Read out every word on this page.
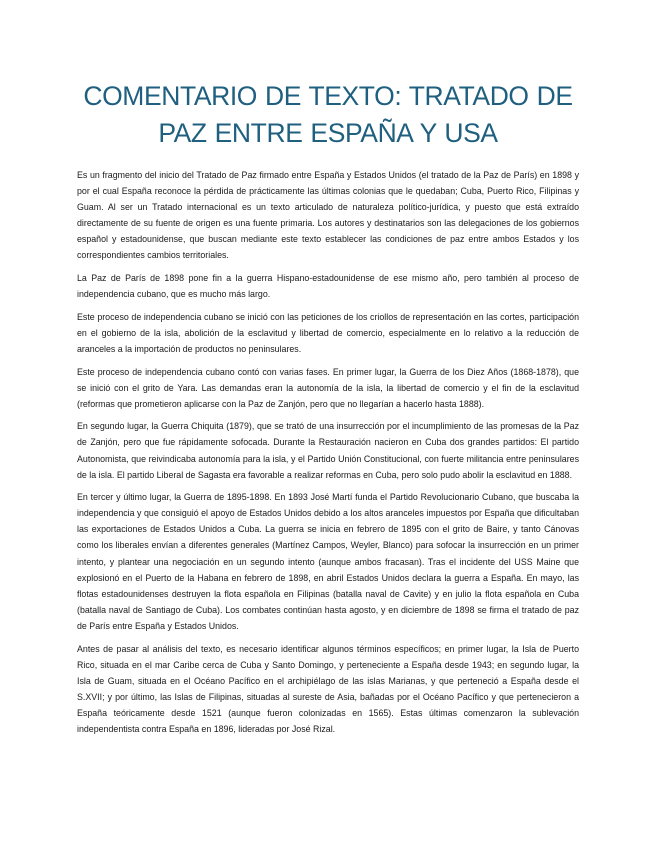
COMENTARIO DE TEXTO: TRATADO DE PAZ ENTRE ESPAÑA Y USA

Es un fragmento del inicio del Tratado de Paz firmado entre España y Estados Unidos (el tratado de la Paz de París) en 1898 y por el cual España reconoce la pérdida de prácticamente las últimas colonias que le quedaban; Cuba, Puerto Rico, Filipinas y Guam. Al ser un Tratado internacional es un texto articulado de naturaleza político-jurídica, y puesto que está extraído directamente de su fuente de origen es una fuente primaria. Los autores y destinatarios son las delegaciones de los gobiernos español y estadounidense, que buscan mediante este texto establecer las condiciones de paz entre ambos Estados y los correspondientes cambios territoriales.

La Paz de París de 1898 pone fin a la guerra Hispano-estadounidense de ese mismo año, pero también al proceso de independencia cubano, que es mucho más largo.

Este proceso de independencia cubano se inició con las peticiones de los criollos de representación en las cortes, participación en el gobierno de la isla, abolición de la esclavitud y libertad de comercio, especialmente en lo relativo a la reducción de aranceles a la importación de productos no peninsulares.

Este proceso de independencia cubano contó con varias fases. En primer lugar, la Guerra de los Diez Años (1868-1878), que se inició con el grito de Yara. Las demandas eran la autonomía de la isla, la libertad de comercio y el fin de la esclavitud (reformas que prometieron aplicarse con la Paz de Zanjón, pero que no llegarían a hacerlo hasta 1888).

En segundo lugar, la Guerra Chiquita (1879), que se trató de una insurrección por el incumplimiento de las promesas de la Paz de Zanjón, pero que fue rápidamente sofocada. Durante la Restauración nacieron en Cuba dos grandes partidos: El partido Autonomista, que reivindicaba autonomía para la isla, y el Partido Unión Constitucional, con fuerte militancia entre peninsulares de la isla. El partido Liberal de Sagasta era favorable a realizar reformas en Cuba, pero solo pudo abolir la esclavitud en 1888.

En tercer y último lugar, la Guerra de 1895-1898. En 1893 José Martí funda el Partido Revolucionario Cubano, que buscaba la independencia y que consiguió el apoyo de Estados Unidos debido a los altos aranceles impuestos por España que dificultaban las exportaciones de Estados Unidos a Cuba. La guerra se inicia en febrero de 1895 con el grito de Baire, y tanto Cánovas como los liberales envían a diferentes generales (Martínez Campos, Weyler, Blanco) para sofocar la insurrección en un primer intento, y plantear una negociación en un segundo intento (aunque ambos fracasan). Tras el incidente del USS Maine que explosionó en el Puerto de la Habana en febrero de 1898, en abril Estados Unidos declara la guerra a España. En mayo, las flotas estadounidenses destruyen la flota española en Filipinas (batalla naval de Cavite) y en julio la flota española en Cuba (batalla naval de Santiago de Cuba). Los combates continúan hasta agosto, y en diciembre de 1898 se firma el tratado de paz de París entre España y Estados Unidos.

Antes de pasar al análisis del texto, es necesario identificar algunos términos específicos; en primer lugar, la Isla de Puerto Rico, situada en el mar Caribe cerca de Cuba y Santo Domingo, y perteneciente a España desde 1943; en segundo lugar, la Isla de Guam, situada en el Océano Pacífico en el archipiélago de las islas Marianas, y que perteneció a España desde el S.XVII; y por último, las Islas de Filipinas, situadas al sureste de Asia, bañadas por el Océano Pacífico y que pertenecieron a España teóricamente desde 1521 (aunque fueron colonizadas en 1565). Estas últimas comenzaron la sublevación independentista contra España en 1896, lideradas por José Rizal.
